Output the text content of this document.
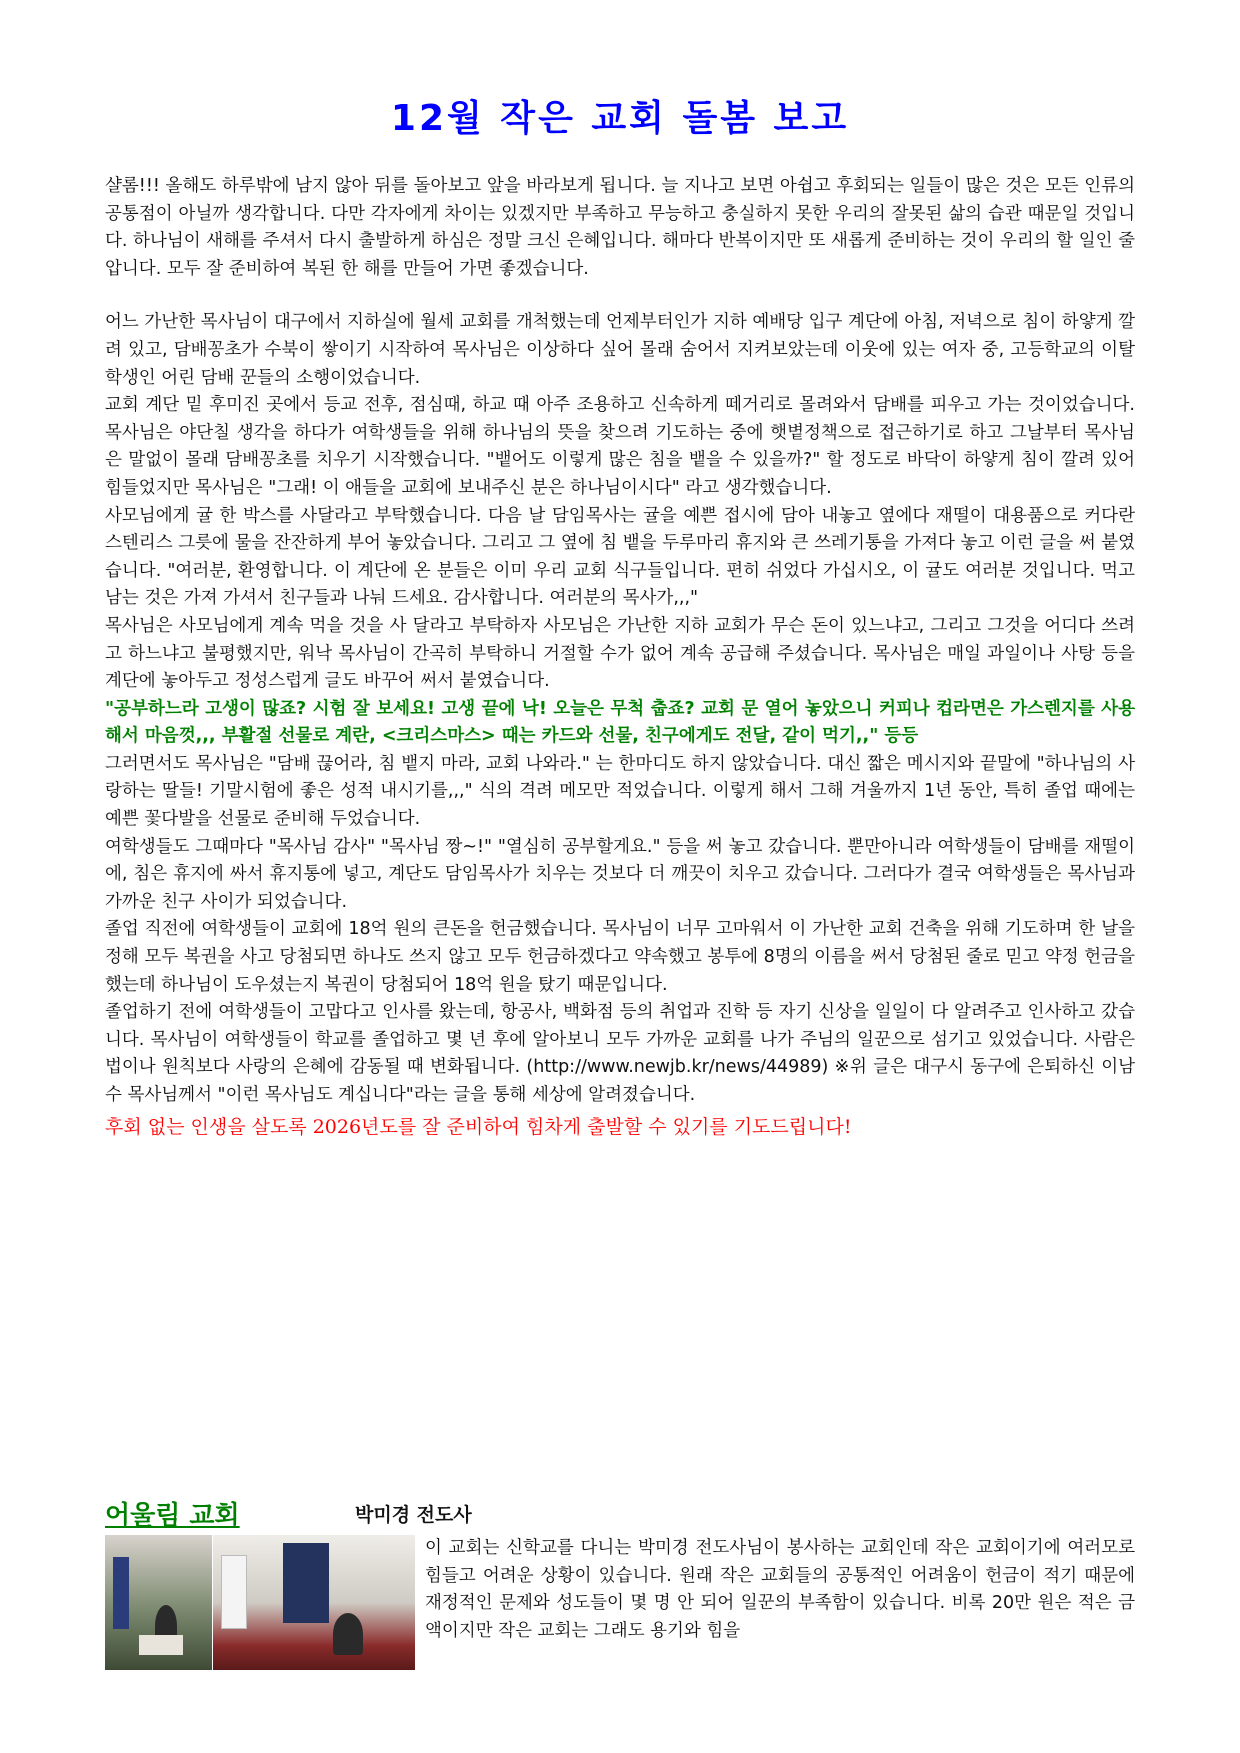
12월 작은 교회 돌봄 보고

샬롬!!! 올해도 하루밖에 남지 않아 뒤를 돌아보고 앞을 바라보게 됩니다. 늘 지나고 보면 아쉽고 후회되는 일들이 많은 것은 모든 인류의 공통점이 아닐까 생각합니다. 다만 각자에게 차이는 있겠지만 부족하고 무능하고 충실하지 못한 우리의 잘못된 삶의 습관 때문일 것입니다. 하나님이 새해를 주셔서 다시 출발하게 하심은 정말 크신 은혜입니다. 해마다 반복이지만 또 새롭게 준비하는 것이 우리의 할 일인 줄 압니다. 모두 잘 준비하여 복된 한 해를 만들어 가면 좋겠습니다.

어느 가난한 목사님이 대구에서 지하실에 월세 교회를 개척했는데 언제부터인가 지하 예배당 입구 계단에 아침, 저녁으로 침이 하얗게 깔려 있고, 담배꽁초가 수북이 쌓이기 시작하여 목사님은 이상하다 싶어 몰래 숨어서 지켜보았는데 이웃에 있는 여자 중, 고등학교의 이탈 학생인 어린 담배 꾼들의 소행이었습니다.

교회 계단 밑 후미진 곳에서 등교 전후, 점심때, 하교 때 아주 조용하고 신속하게 떼거리로 몰려와서 담배를 피우고 가는 것이었습니다. 목사님은 야단칠 생각을 하다가 여학생들을 위해 하나님의 뜻을 찾으려 기도하는 중에 햇볕정책으로 접근하기로 하고 그날부터 목사님은 말없이 몰래 담배꽁초를 치우기 시작했습니다. "뱉어도 이렇게 많은 침을 뱉을 수 있을까?" 할 정도로 바닥이 하얗게 침이 깔려 있어 힘들었지만 목사님은 "그래! 이 애들을 교회에 보내주신 분은 하나님이시다" 라고 생각했습니다.

사모님에게 귤 한 박스를 사달라고 부탁했습니다. 다음 날 담임목사는 귤을 예쁜 접시에 담아 내놓고 옆에다 재떨이 대용품으로 커다란 스텐리스 그릇에 물을 잔잔하게 부어 놓았습니다. 그리고 그 옆에 침 뱉을 두루마리 휴지와 큰 쓰레기통을 가져다 놓고 이런 글을 써 붙였습니다. "여러분, 환영합니다. 이 계단에 온 분들은 이미 우리 교회 식구들입니다. 편히 쉬었다 가십시오, 이 귤도 여러분 것입니다. 먹고 남는 것은 가져 가셔서 친구들과 나눠 드세요. 감사합니다. 여러분의 목사가,,,"

목사님은 사모님에게 계속 먹을 것을 사 달라고 부탁하자 사모님은 가난한 지하 교회가 무슨 돈이 있느냐고, 그리고 그것을 어디다 쓰려고 하느냐고 불평했지만, 워낙 목사님이 간곡히 부탁하니 거절할 수가 없어 계속 공급해 주셨습니다. 목사님은 매일 과일이나 사탕 등을 계단에 놓아두고 정성스럽게 글도 바꾸어 써서 붙였습니다.

"공부하느라 고생이 많죠? 시험 잘 보세요! 고생 끝에 낙! 오늘은 무척 춥죠? 교회 문 열어 놓았으니 커피나 컵라면은 가스렌지를 사용해서 마음껏,,, 부활절 선물로 계란, <크리스마스> 때는 카드와 선물, 친구에게도 전달, 같이 먹기,," 등등

그러면서도 목사님은 "담배 끊어라, 침 뱉지 마라, 교회 나와라." 는 한마디도 하지 않았습니다. 대신 짧은 메시지와 끝말에 "하나님의 사랑하는 딸들! 기말시험에 좋은 성적 내시기를,,," 식의 격려 메모만 적었습니다. 이렇게 해서 그해 겨울까지 1년 동안, 특히 졸업 때에는 예쁜 꽃다발을 선물로 준비해 두었습니다.

여학생들도 그때마다 "목사님 감사" "목사님 짱~!" "열심히 공부할게요." 등을 써 놓고 갔습니다. 뿐만아니라 여학생들이 담배를 재떨이에, 침은 휴지에 싸서 휴지통에 넣고, 계단도 담임목사가 치우는 것보다 더 깨끗이 치우고 갔습니다. 그러다가 결국 여학생들은 목사님과 가까운 친구 사이가 되었습니다.

졸업 직전에 여학생들이 교회에 18억 원의 큰돈을 헌금했습니다. 목사님이 너무 고마워서 이 가난한 교회 건축을 위해 기도하며 한 날을 정해 모두 복권을 사고 당첨되면 하나도 쓰지 않고 모두 헌금하겠다고 약속했고 봉투에 8명의 이름을 써서 당첨된 줄로 믿고 약정 헌금을 했는데 하나님이 도우셨는지 복권이 당첨되어 18억 원을 탔기 때문입니다.

졸업하기 전에 여학생들이 고맙다고 인사를 왔는데, 항공사, 백화점 등의 취업과 진학 등 자기 신상을 일일이 다 알려주고 인사하고 갔습니다. 목사님이 여학생들이 학교를 졸업하고 몇 년 후에 알아보니 모두 가까운 교회를 나가 주님의 일꾼으로 섬기고 있었습니다. 사람은 법이나 원칙보다 사랑의 은혜에 감동될 때 변화됩니다. (http://www.newjb.kr/news/44989) ※위 글은 대구시 동구에 은퇴하신 이남수 목사님께서 "이런 목사님도 계십니다"라는 글을 통해 세상에 알려졌습니다.

후회 없는 인생을 살도록 2026년도를 잘 준비하여 힘차게 출발할 수 있기를 기도드립니다!

어울림 교회	박미경 전도사

이 교회는 신학교를 다니는 박미경 전도사님이 봉사하는 교회인데 작은 교회이기에 여러모로 힘들고 어려운 상황이 있습니다. 원래 작은 교회들의 공통적인 어려움이 헌금이 적기 때문에 재정적인 문제와 성도들이 몇 명 안 되어 일꾼의 부족함이 있습니다. 비록 20만 원은 적은 금액이지만 작은 교회는 그래도 용기와 힘을
